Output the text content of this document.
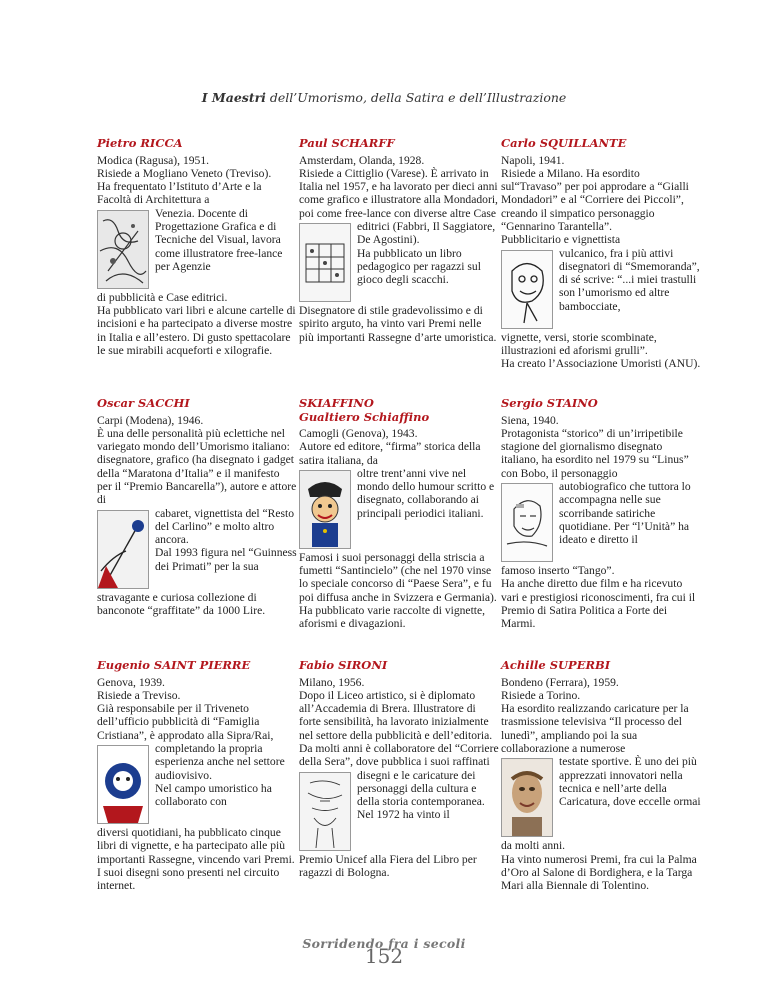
I Maestri dell’Umorismo, della Satira e dell’Illustrazione
Pietro RICCA

Modica (Ragusa), 1951.
Risiede a Mogliano Veneto (Treviso).
Ha frequentato l’Istituto d’Arte e la Facoltà di Architettura a

Venezia. Docente di Progettazione Grafica e di Tecniche del Visual, lavora come illustratore free-lance per Agenzie

di pubblicità e Case editrici.
Ha pubblicato vari libri e alcune cartelle di incisioni e ha partecipato a diverse mostre in Italia e all’estero. Di gusto spettacolare le sue mirabili acqueforti e xilografie.

Paul SCHARFF

Amsterdam, Olanda, 1928.
Risiede a Cittiglio (Varese). È arrivato in Italia nel 1957, e ha lavorato per dieci anni come grafico e illustratore alla Mondadori, poi come free-lance con diverse altre Case

editrici (Fabbri, Il Saggiatore, De Agostini).
Ha pubblicato un libro pedagogico per ragazzi sul gioco degli scacchi.

Disegnatore di stile gradevolissimo e di spirito arguto, ha vinto vari Premi nelle più importanti Rassegne d’arte umoristica.

Carlo SQUILLANTE

Napoli, 1941.
Risiede a Milano. Ha esordito sul“Travaso” per poi approdare a “Gialli Mondadori” e al “Corriere dei Piccoli”, creando il simpatico personaggio “Gennarino Tarantella”.
Pubblicitario e vignettista

vulcanico, fra i più attivi disegnatori di “Smemoranda”, di sé scrive: “...i miei trastulli son l’umorismo ed altre bambocciate,

vignette, versi, storie scombinate, illustrazioni ed aforismi grulli”.
Ha creato l’Associazione Umoristi (ANU).

Oscar SACCHI

Carpi (Modena), 1946.
È una delle personalità più eclettiche nel variegato mondo dell’Umorismo italiano: disegnatore, grafico (ha disegnato i gadget della “Maratona d’Italia” e il manifesto per il “Premio Bancarella”), autore e attore di

cabaret, vignettista del “Resto del Carlino” e molto altro ancora.
Dal 1993 figura nel “Guinness dei Primati” per la sua

stravagante e curiosa collezione di banconote “graffitate” da 1000 Lire.

SKIAFFINO
Gualtiero Schiaffino

Camogli (Genova), 1943.
Autore ed editore, “firma” storica della satira italiana, da

oltre trent’anni vive nel mondo dello humour scritto e disegnato, collaborando ai principali periodici italiani.

Famosi i suoi personaggi della striscia a fumetti “Santincielo” (che nel 1970 vinse lo speciale concorso di “Paese Sera”, e fu poi diffusa anche in Svizzera e Germania).
Ha pubblicato varie raccolte di vignette, aforismi e divagazioni.

Sergio STAINO

Siena, 1940.
Protagonista “storico” di un’irripetibile stagione del giornalismo disegnato italiano, ha esordito nel 1979 su “Linus” con Bobo, il personaggio

autobiografico che tuttora lo accompagna nelle sue scorribande satiriche quotidiane. Per “l’Unità” ha ideato e diretto il

famoso inserto “Tango”.
Ha anche diretto due film e ha ricevuto vari e prestigiosi riconoscimenti, fra cui il Premio di Satira Politica a Forte dei Marmi.

Eugenio SAINT PIERRE

Genova, 1939.
Risiede a Treviso.
Già responsabile per il Triveneto dell’ufficio pubblicità di “Famiglia Cristiana”, è approdato alla Sipra/Rai,

completando la propria esperienza anche nel settore audiovisivo.
Nel campo umoristico ha collaborato con

diversi quotidiani, ha pubblicato cinque libri di vignette, e ha partecipato alle più importanti Rassegne, vincendo vari Premi.
I suoi disegni sono presenti nel circuito internet.

Fabio SIRONI

Milano, 1956.
Dopo il Liceo artistico, si è diplomato all’Accademia di Brera. Illustratore di forte sensibilità, ha lavorato inizialmente nel settore della pubblicità e dell’editoria.
Da molti anni è collaboratore del “Corriere della Sera”, dove pubblica i suoi raffinati

disegni e le caricature dei personaggi della cultura e della storia contemporanea.
Nel 1972 ha vinto il

Premio Unicef alla Fiera del Libro per ragazzi di Bologna.

Achille SUPERBI

Bondeno (Ferrara), 1959.
Risiede a Torino.
Ha esordito realizzando caricature per la trasmissione televisiva “Il processo del lunedì”, ampliando poi la sua collaborazione a numerose

testate sportive. È uno dei più apprezzati innovatori nella tecnica e nell’arte della Caricatura, dove eccelle ormai

da molti anni.
Ha vinto numerosi Premi, fra cui la Palma d’Oro al Salone di Bordighera, e la Targa Mari alla Biennale di Tolentino.

Sorridendo fra i secoli
152
